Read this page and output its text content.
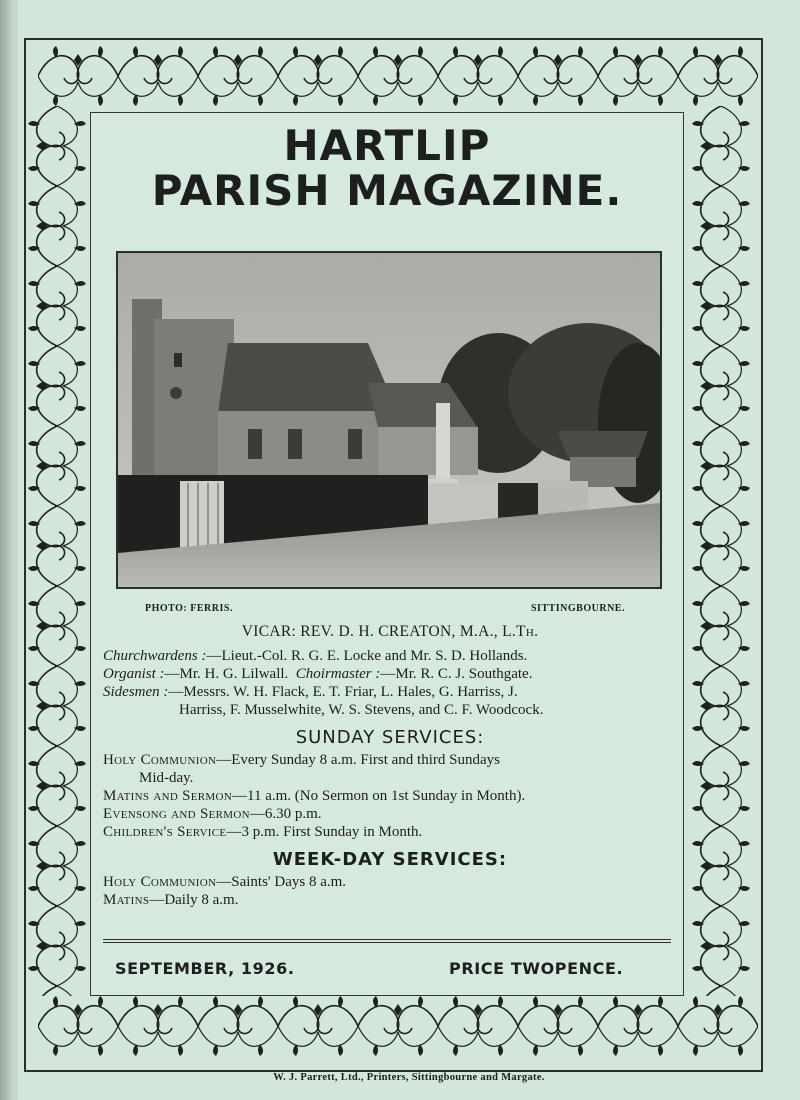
HARTLIP
PARISH MAGAZINE.
PHOTO: FERRIS.	SITTINGBOURNE.
VICAR: REV. D. H. CREATON, M.A., L.Th.
Churchwardens :—Lieut.-Col. R. G. E. Locke and Mr. S. D. Hollands.
Organist :—Mr. H. G. Lilwall. Choirmaster :—Mr. R. C. J. Southgate.
Sidesmen :—Messrs. W. H. Flack, E. T. Friar, L. Hales, G. Harriss, J.
Harriss, F. Musselwhite, W. S. Stevens, and C. F. Woodcock.
SUNDAY SERVICES:
Holy Communion—Every Sunday 8 a.m. First and third Sundays
Mid-day.
Matins and Sermon—11 a.m. (No Sermon on 1st Sunday in Month).
Evensong and Sermon—6.30 p.m.
Children's Service—3 p.m. First Sunday in Month.
WEEK-DAY SERVICES:
Holy Communion—Saints' Days 8 a.m.
Matins—Daily 8 a.m.
SEPTEMBER, 1926.	PRICE TWOPENCE.
W. J. Parrett, Ltd., Printers, Sittingbourne and Margate.
